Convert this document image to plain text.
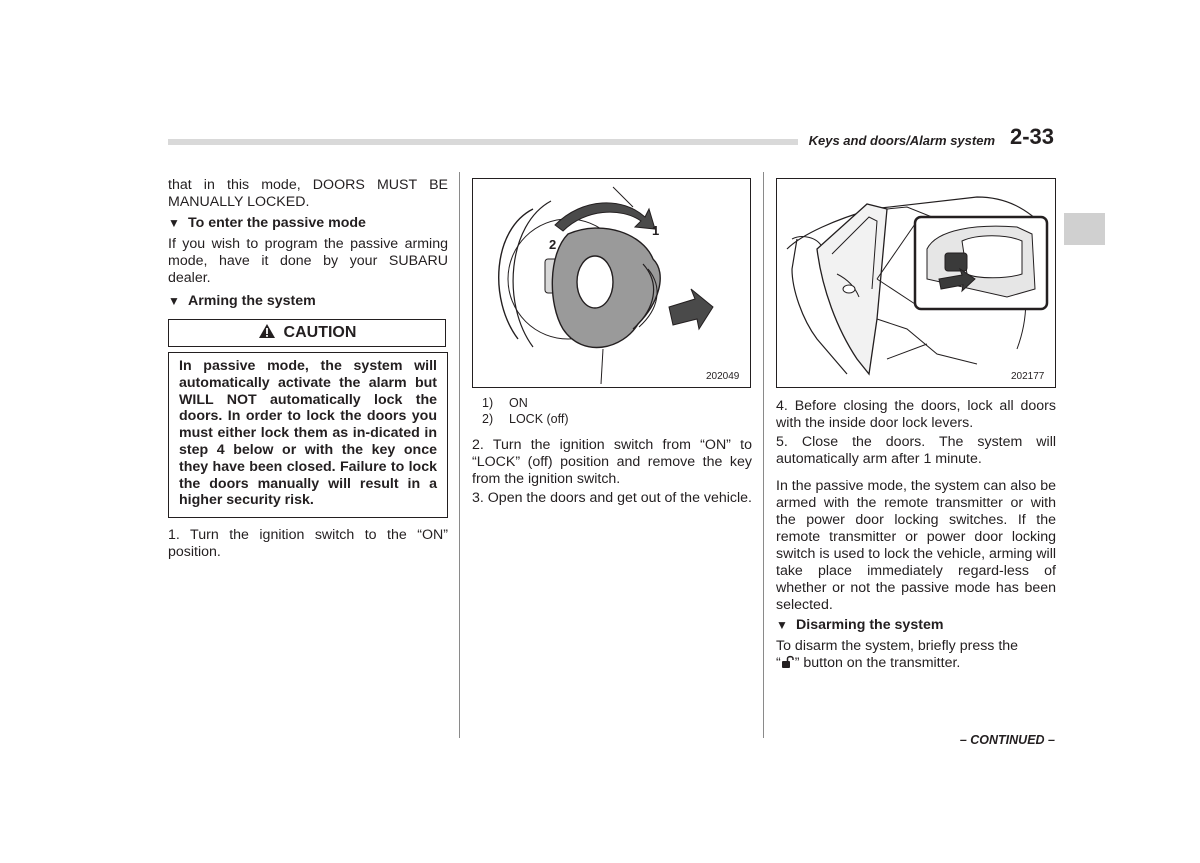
Keys and doors/Alarm system 2-33

that in this mode, DOORS MUST BE MANUALLY LOCKED.

▼ To enter the passive mode

If you wish to program the passive arming mode, have it done by your SUBARU dealer.

▼ Arming the system
CAUTION

In passive mode, the system will automatically activate the alarm but WILL NOT automatically lock the doors. In order to lock the doors you must either lock them as in-dicated in step 4 below or with the key once they have been closed. Failure to lock the doors manually will result in a higher security risk.

1. Turn the ignition switch to the “ON” position.

1
2
202049
1) ON
2) LOCK (off)

2. Turn the ignition switch from “ON” to “LOCK” (off) position and remove the key from the ignition switch.

3. Open the doors and get out of the vehicle.

202177

4. Before closing the doors, lock all doors with the inside door lock levers.

5. Close the doors. The system will automatically arm after 1 minute.

In the passive mode, the system can also be armed with the remote transmitter or with the power door locking switches. If the remote transmitter or power door locking switch is used to lock the vehicle, arming will take place immediately regard-less of whether or not the passive mode has been selected.

▼ Disarming the system

To disarm the system, briefly press the

“ ” button on the transmitter.

– CONTINUED –
